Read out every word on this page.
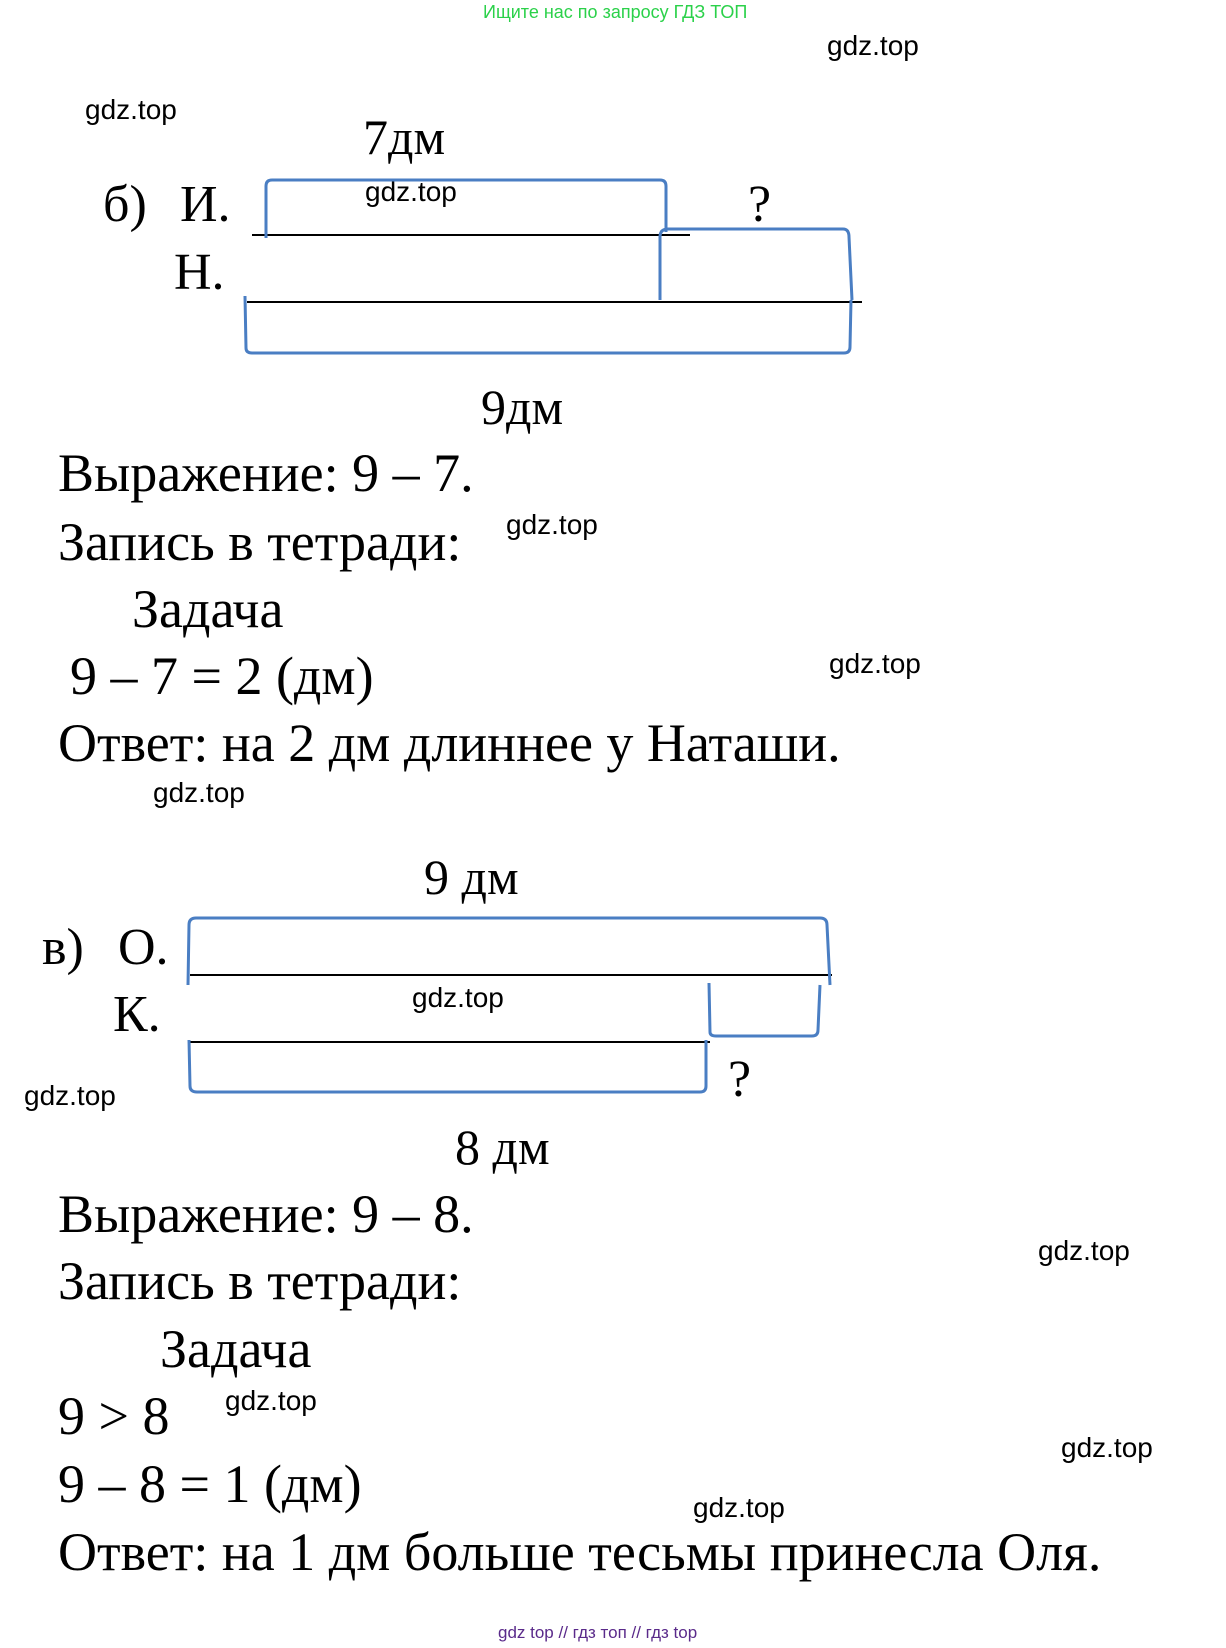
Ищите нас по запросу ГДЗ ТОП
gdz.top
gdz.top
gdz.top
gdz.top
gdz.top
gdz.top
gdz.top
gdz.top
gdz.top
gdz.top
gdz.top
gdz.top
7дм
б) И.
Н.
?
9дм
Выражение: 9 – 7.
Запись в тетради:
Задача
9 – 7 = 2 (дм)
Ответ: на 2 дм длиннее у Наташи.
9 дм
в) О.
К.
?
8 дм
Выражение: 9 – 8.
Запись в тетради:
Задача
9 > 8
9 – 8 = 1 (дм)
Ответ: на 1 дм больше тесьмы принесла Оля.
gdz top // гдз топ // гдз top
